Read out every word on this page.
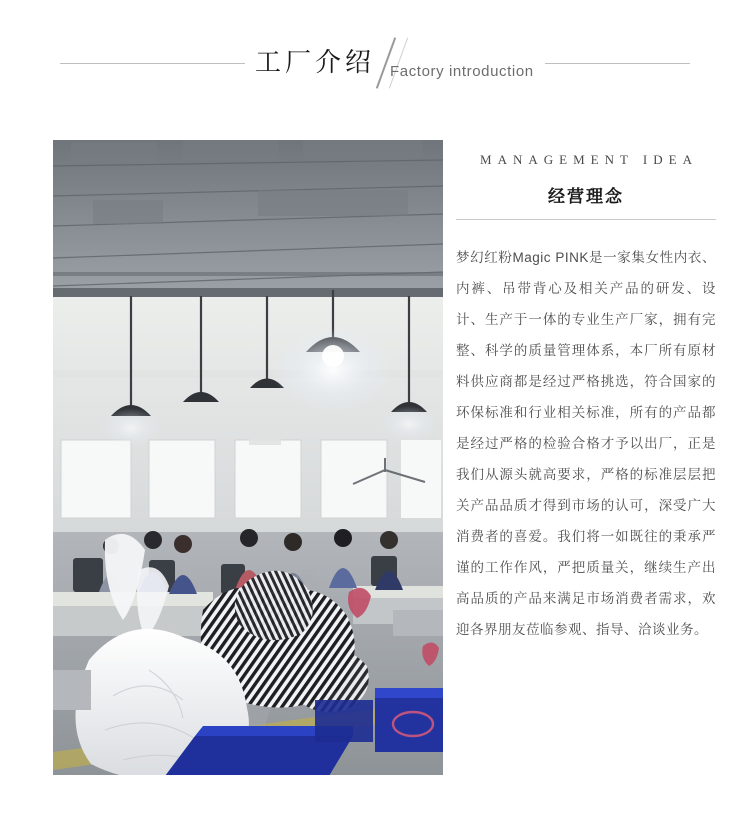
工厂介绍 Factory introduction
MANAGEMENT IDEA
经营理念
梦幻红粉Magic PINK是一家集女性内衣、内裤、吊带背心及相关产品的研发、设计、生产于一体的专业生产厂家，拥有完整、科学的质量管理体系，本厂所有原材料供应商都是经过严格挑选，符合国家的环保标准和行业相关标准，所有的产品都是经过严格的检验合格才予以出厂，正是我们从源头就高要求，严格的标准层层把关产品品质才得到市场的认可，深受广大消费者的喜爱。我们将一如既往的秉承严谨的工作作风，严把质量关，继续生产出高品质的产品来满足市场消费者需求，欢迎各界朋友莅临参观、指导、洽谈业务。
